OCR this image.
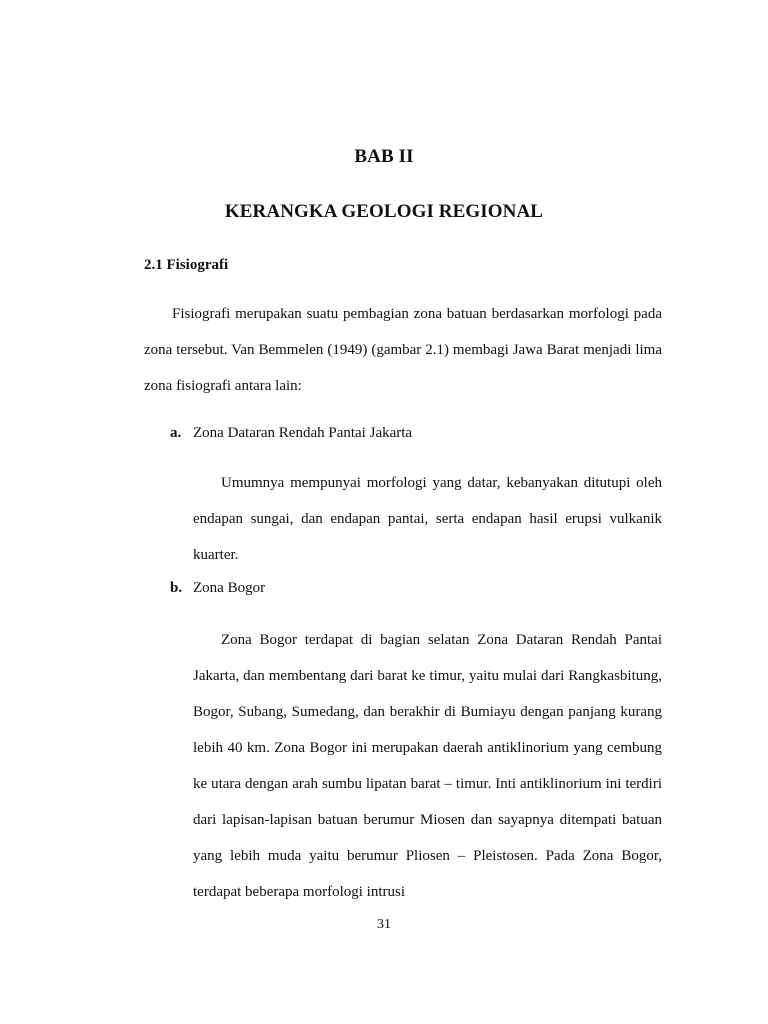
BAB II
KERANGKA GEOLOGI REGIONAL
2.1 Fisiografi

Fisiografi merupakan suatu pembagian zona batuan berdasarkan morfologi pada zona tersebut. Van Bemmelen (1949) (gambar 2.1) membagi Jawa Barat menjadi lima zona fisiografi antara lain:

a. Zona Dataran Rendah Pantai Jakarta

Umumnya mempunyai morfologi yang datar, kebanyakan ditutupi oleh endapan sungai, dan endapan pantai, serta endapan hasil erupsi vulkanik kuarter.

b. Zona Bogor

Zona Bogor terdapat di bagian selatan Zona Dataran Rendah Pantai Jakarta, dan membentang dari barat ke timur, yaitu mulai dari Rangkasbitung, Bogor, Subang, Sumedang, dan berakhir di Bumiayu dengan panjang kurang lebih 40 km. Zona Bogor ini merupakan daerah antiklinorium yang cembung ke utara dengan arah sumbu lipatan barat – timur. Inti antiklinorium ini terdiri dari lapisan-lapisan batuan berumur Miosen dan sayapnya ditempati batuan yang lebih muda yaitu berumur Pliosen – Pleistosen. Pada Zona Bogor, terdapat beberapa morfologi intrusi

31
